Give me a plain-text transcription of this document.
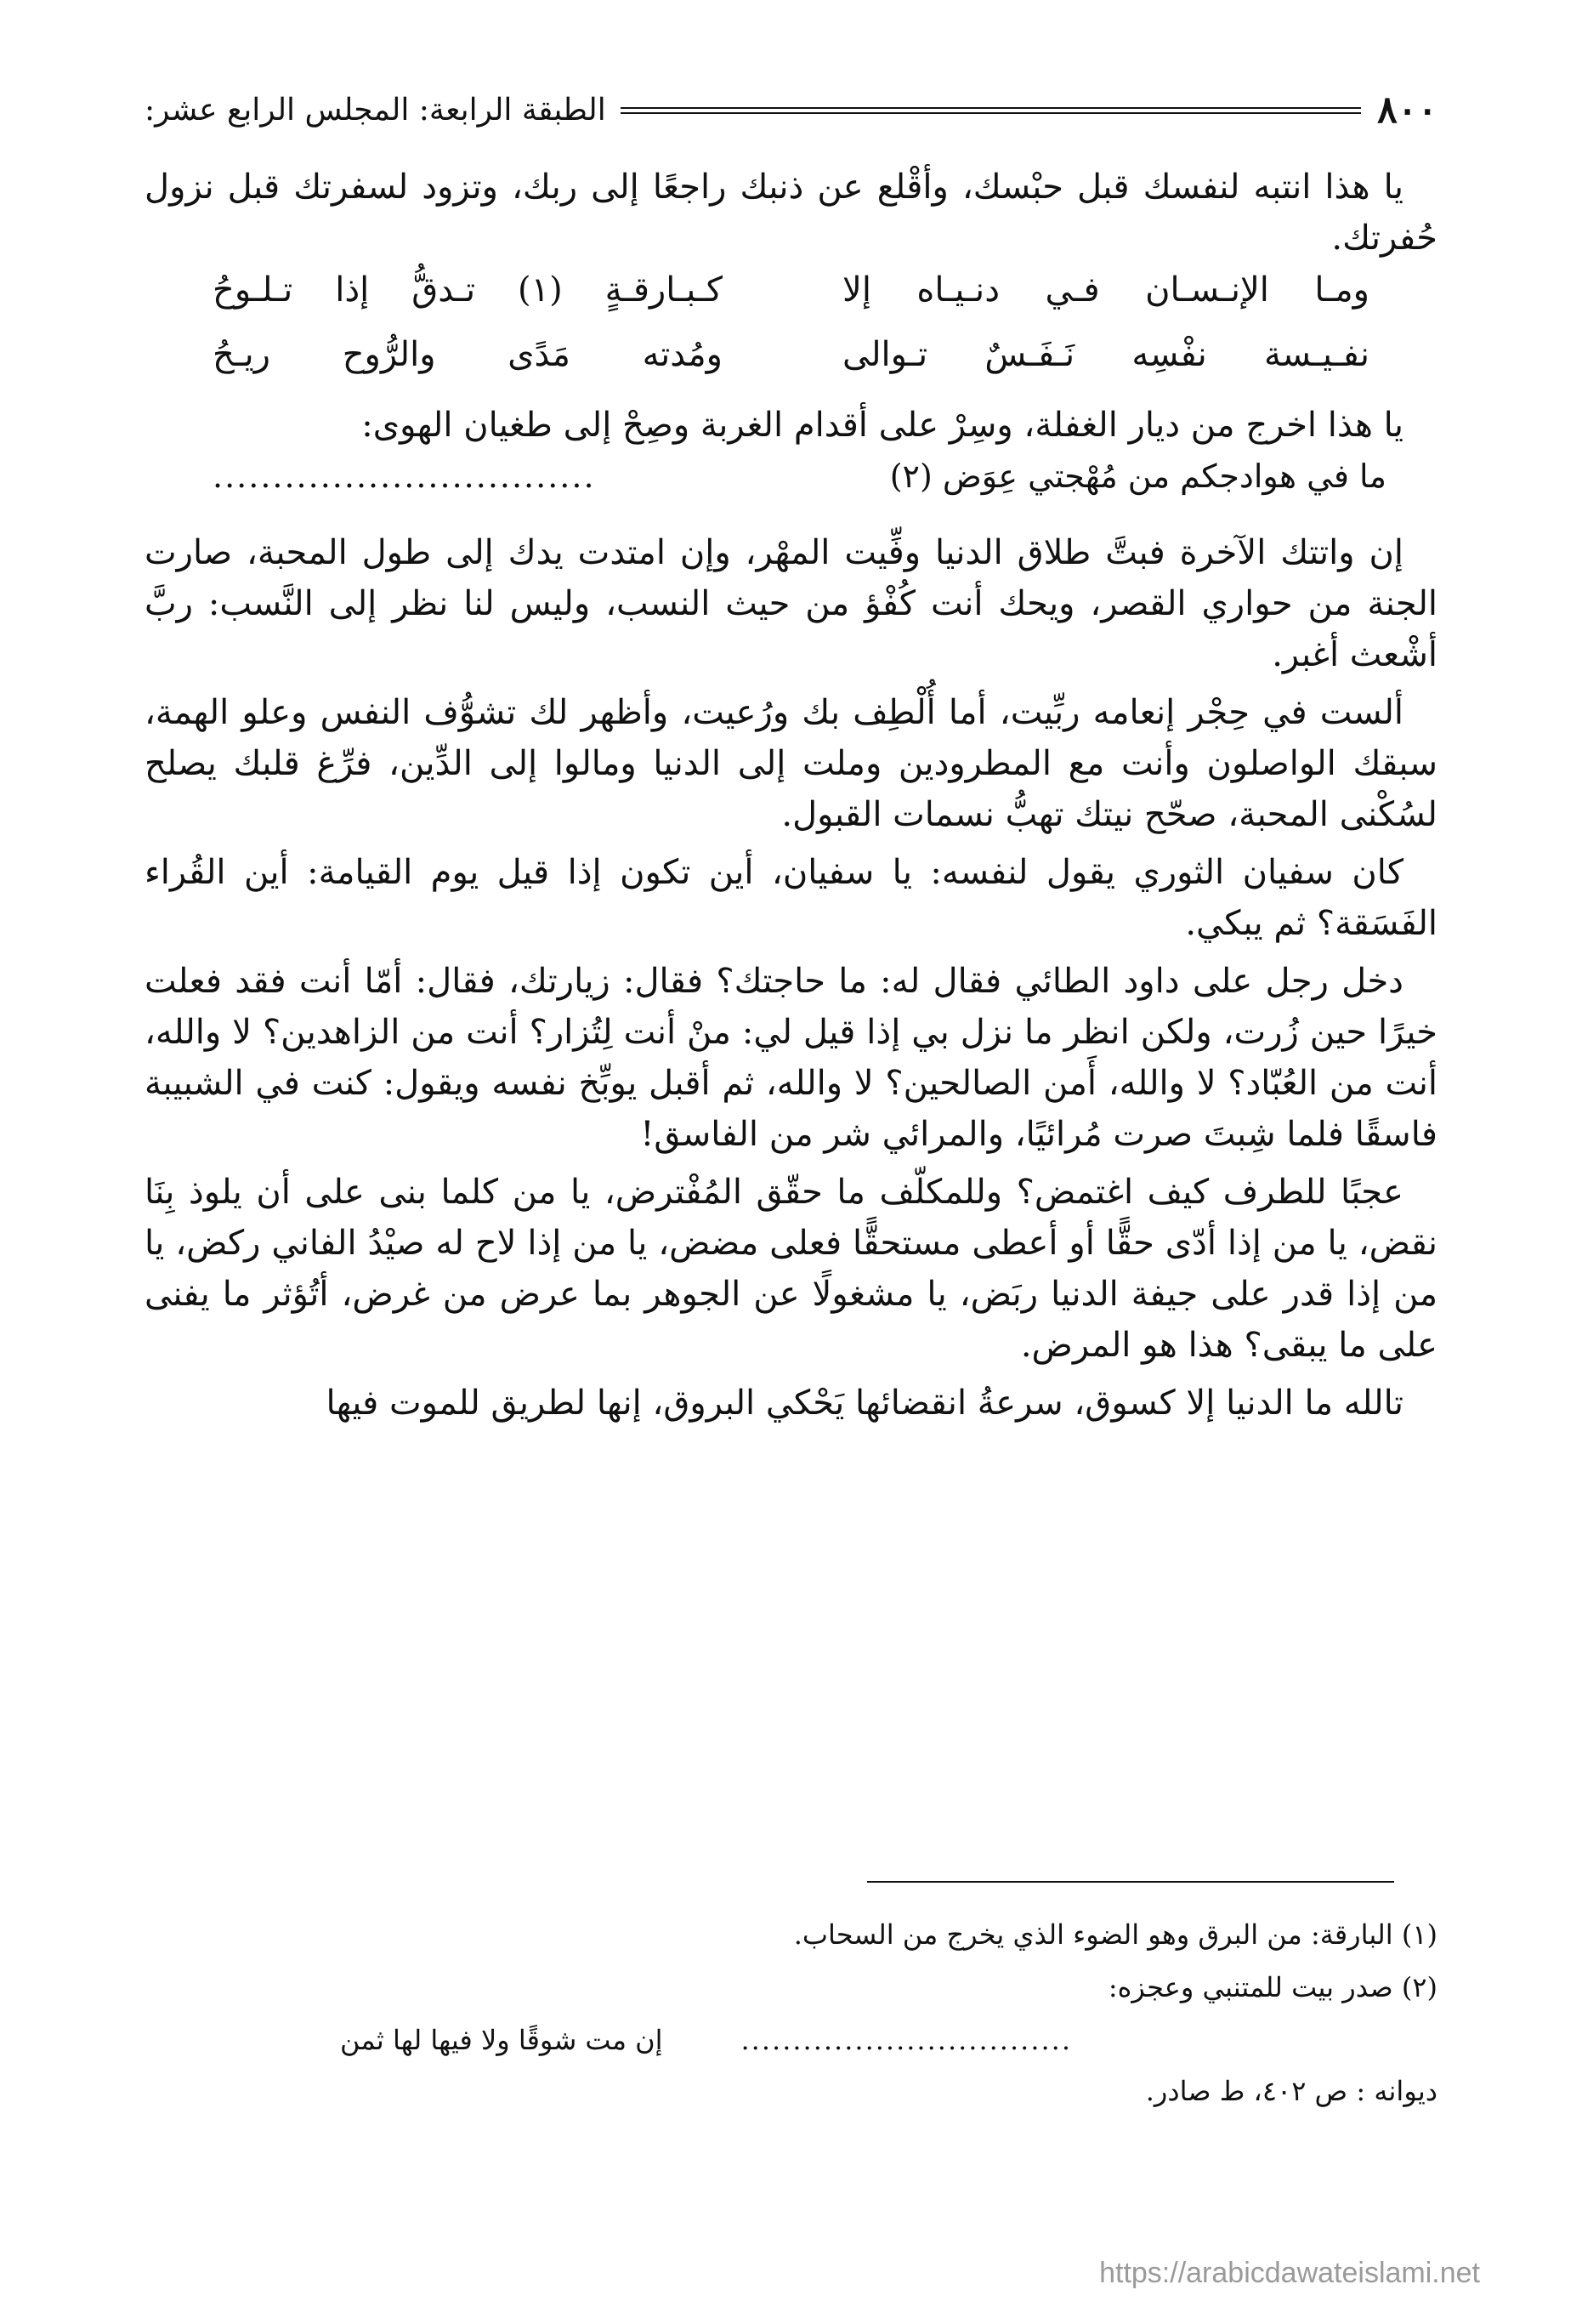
٨٠٠
الطبقة الرابعة: المجلس الرابع عشر:

يا هذا انتبه لنفسك قبل حبْسك، وأقْلع عن ذنبك راجعًا إلى ربك، وتزود لسفرتك قبل نزول حُفرتك.

ومـا الإنـسـان فـي دنـيـاه إلا
كـبـارقـةٍ (١) تـدقُّ إذا تـلـوحُ
نفـيـسة نفْسِه نَـفَـسٌ تـوالى
ومُدته مَدًى والرُّوح ريـحُ

يا هذا اخرج من ديار الغفلة، وسِرْ على أقدام الغربة وصِحْ إلى طغيان الهوى:

ما في هوادجكم من مُهْجتي عِوَض (٢)
................................

إن واتتك الآخرة فبتَّ طلاق الدنيا وفِّيت المهْر، وإن امتدت يدك إلى طول المحبة، صارت الجنة من حواري القصر، ويحك أنت كُفْؤ من حيث النسب، وليس لنا نظر إلى النَّسب: ربَّ أشْعث أغبر.

ألست في حِجْر إنعامه ربِّيت، أما أُلْطِف بك ورُعيت، وأظهر لك تشوُّف النفس وعلو الهمة، سبقك الواصلون وأنت مع المطرودين وملت إلى الدنيا ومالوا إلى الدِّين، فرِّغ قلبك يصلح لسُكْنى المحبة، صحّح نيتك تهبُّ نسمات القبول.

كان سفيان الثوري يقول لنفسه: يا سفيان، أين تكون إذا قيل يوم القيامة: أين القُراء الفَسَقة؟ ثم يبكي.

دخل رجل على داود الطائي فقال له: ما حاجتك؟ فقال: زيارتك، فقال: أمّا أنت فقد فعلت خيرًا حين زُرت، ولكن انظر ما نزل بي إذا قيل لي: منْ أنت لِتُزار؟ أنت من الزاهدين؟ لا والله، أنت من العُبّاد؟ لا والله، أَمن الصالحين؟ لا والله، ثم أقبل يوبِّخ نفسه ويقول: كنت في الشبيبة فاسقًا فلما شِبتَ صرت مُرائيًا، والمرائي شر من الفاسق!

عجبًا للطرف كيف اغتمض؟ وللمكلّف ما حقّق المُفْترض، يا من كلما بنى على أن يلوذ بِنَا نقض، يا من إذا أدّى حقًّا أو أعطى مستحقًّا فعلى مضض، يا من إذا لاح له صيْدُ الفاني ركض، يا من إذا قدر على جيفة الدنيا ربَض، يا مشغولًا عن الجوهر بما عرض من غرض، أتُؤثر ما يفنى على ما يبقى؟ هذا هو المرض.

تالله ما الدنيا إلا كسوق، سرعةُ انقضائها يَحْكي البروق، إنها لطريق للموت فيها

(١) البارقة: من البرق وهو الضوء الذي يخرج من السحاب.

(٢) صدر بيت للمتنبي وعجزه:

................................
إن مت شوقًا ولا فيها لها ثمن

ديوانه : ص ٤٠٢، ط صادر.

https://arabicdawateislami.net
